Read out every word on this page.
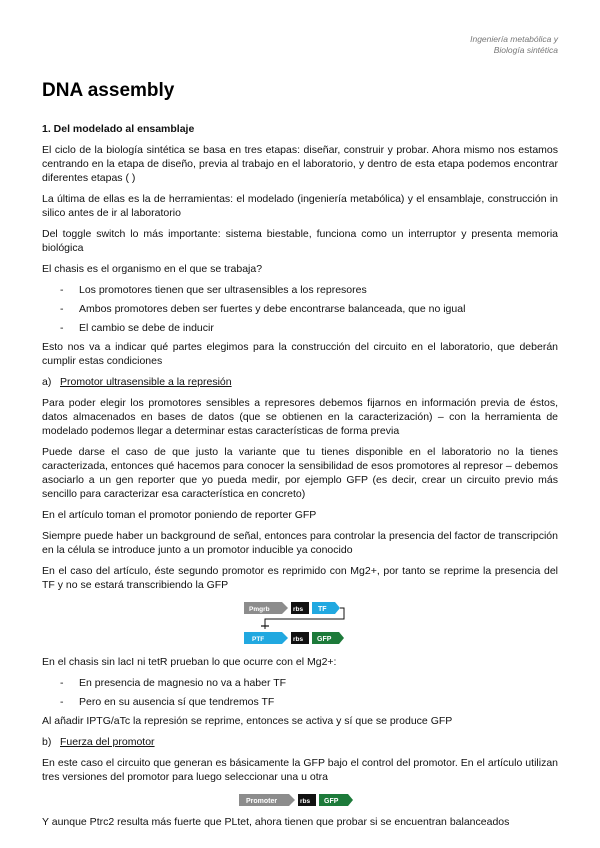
Ingeniería metabólica y
Biología sintética
DNA assembly
1. Del modelado al ensamblaje

El ciclo de la biología sintética se basa en tres etapas: diseñar, construir y probar. Ahora mismo nos estamos centrando en la etapa de diseño, previa al trabajo en el laboratorio, y dentro de esta etapa podemos encontrar diferentes etapas ( )

La última de ellas es la de herramientas: el modelado (ingeniería metabólica) y el ensamblaje, construcción in silico antes de ir al laboratorio

Del toggle switch lo más importante: sistema biestable, funciona como un interruptor y presenta memoria biológica

El chasis es el organismo en el que se trabaja?

- Los promotores tienen que ser ultrasensibles a los represores
- Ambos promotores deben ser fuertes y debe encontrarse balanceada, que no igual
- El cambio se debe de inducir

Esto nos va a indicar qué partes elegimos para la construcción del circuito en el laboratorio, que deberán cumplir estas condiciones

a) Promotor ultrasensible a la represión

Para poder elegir los promotores sensibles a represores debemos fijarnos en información previa de éstos, datos almacenados en bases de datos (que se obtienen en la caracterización) – con la herramienta de modelado podemos llegar a determinar estas características de forma previa

Puede darse el caso de que justo la variante que tu tienes disponible en el laboratorio no la tienes caracterizada, entonces qué hacemos para conocer la sensibilidad de esos promotores al represor – debemos asociarlo a un gen reporter que yo pueda medir, por ejemplo GFP (es decir, crear un circuito previo más sencillo para caracterizar esa característica en concreto)

En el artículo toman el promotor poniendo de reporter GFP

Siempre puede haber un background de señal, entonces para controlar la presencia del factor de transcripción en la célula se introduce junto a un promotor inducible ya conocido

En el caso del artículo, éste segundo promotor es reprimido con Mg2+, por tanto se reprime la presencia del TF y no se estará transcribiendo la GFP

Pmgrb	rbs TF
PTF	rbs GFP

En el chasis sin lacI ni tetR prueban lo que ocurre con el Mg2+:

- En presencia de magnesio no va a haber TF
- Pero en su ausencia sí que tendremos TF

Al añadir IPTG/aTc la represión se reprime, entonces se activa y sí que se produce GFP

b) Fuerza del promotor

En este caso el circuito que generan es básicamente la GFP bajo el control del promotor. En el artículo utilizan tres versiones del promotor para luego seleccionar una u otra

Promoter	rbs GFP

Y aunque Ptrc2 resulta más fuerte que PLtet, ahora tienen que probar si se encuentran balanceados
